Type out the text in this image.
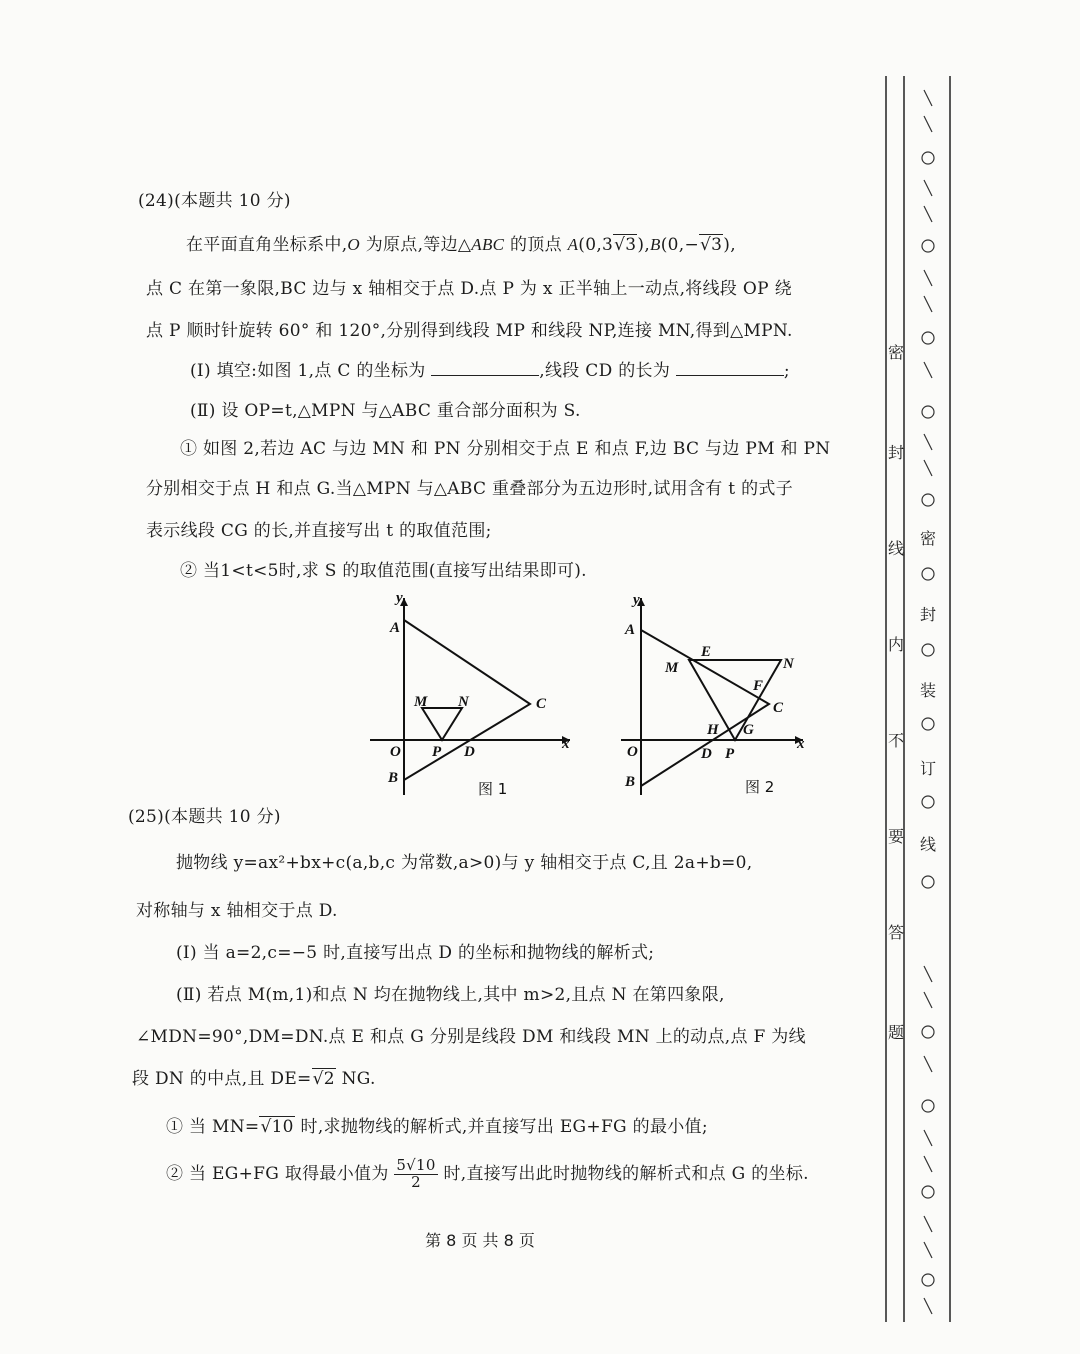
(24)(本题共 10 分)
在平面直角坐标系中,O 为原点,等边△ABC 的顶点 A(0,3√3),B(0,−√3),
点 C 在第一象限,BC 边与 x 轴相交于点 D.点 P 为 x 正半轴上一动点,将线段 OP 绕
点 P 顺时针旋转 60° 和 120°,分别得到线段 MP 和线段 NP,连接 MN,得到△MPN.
(Ⅰ) 填空:如图 1,点 C 的坐标为	,线段 CD 的长为	;
(Ⅱ) 设 OP=t,△MPN 与△ABC 重合部分面积为 S.
① 如图 2,若边 AC 与边 MN 和 PN 分别相交于点 E 和点 F,边 BC 与边 PM 和 PN
分别相交于点 H 和点 G.当△MPN 与△ABC 重叠部分为五边形时,试用含有 t 的式子
表示线段 CG 的长,并直接写出 t 的取值范围;
② 当1<t<5时,求 S 的取值范围(直接写出结果即可).
y
x
A
B
C
O P D
M N
图 1
y
x
A
B
C
O	P
D
M	N
E
F
H G
图 2
(25)(本题共 10 分)
抛物线 y=ax²+bx+c(a,b,c 为常数,a>0)与 y 轴相交于点 C,且 2a+b=0,
对称轴与 x 轴相交于点 D.
(Ⅰ) 当 a=2,c=−5 时,直接写出点 D 的坐标和抛物线的解析式;
(Ⅱ) 若点 M(m,1)和点 N 均在抛物线上,其中 m>2,且点 N 在第四象限,
∠MDN=90°,DM=DN.点 E 和点 G 分别是线段 DM 和线段 MN 上的动点,点 F 为线
段 DN 的中点,且 DE=√2 NG.
① 当 MN=√10 时,求抛物线的解析式,并直接写出 EG+FG 的最小值;
② 当 EG+FG 取得最小值为 $\frac{5√10}{2}$ 时,直接写出此时抛物线的解析式和点 G 的坐标.
第 8 页 共 8 页
密
封
线
内
不
要
答
题
密
封
装
订
线
